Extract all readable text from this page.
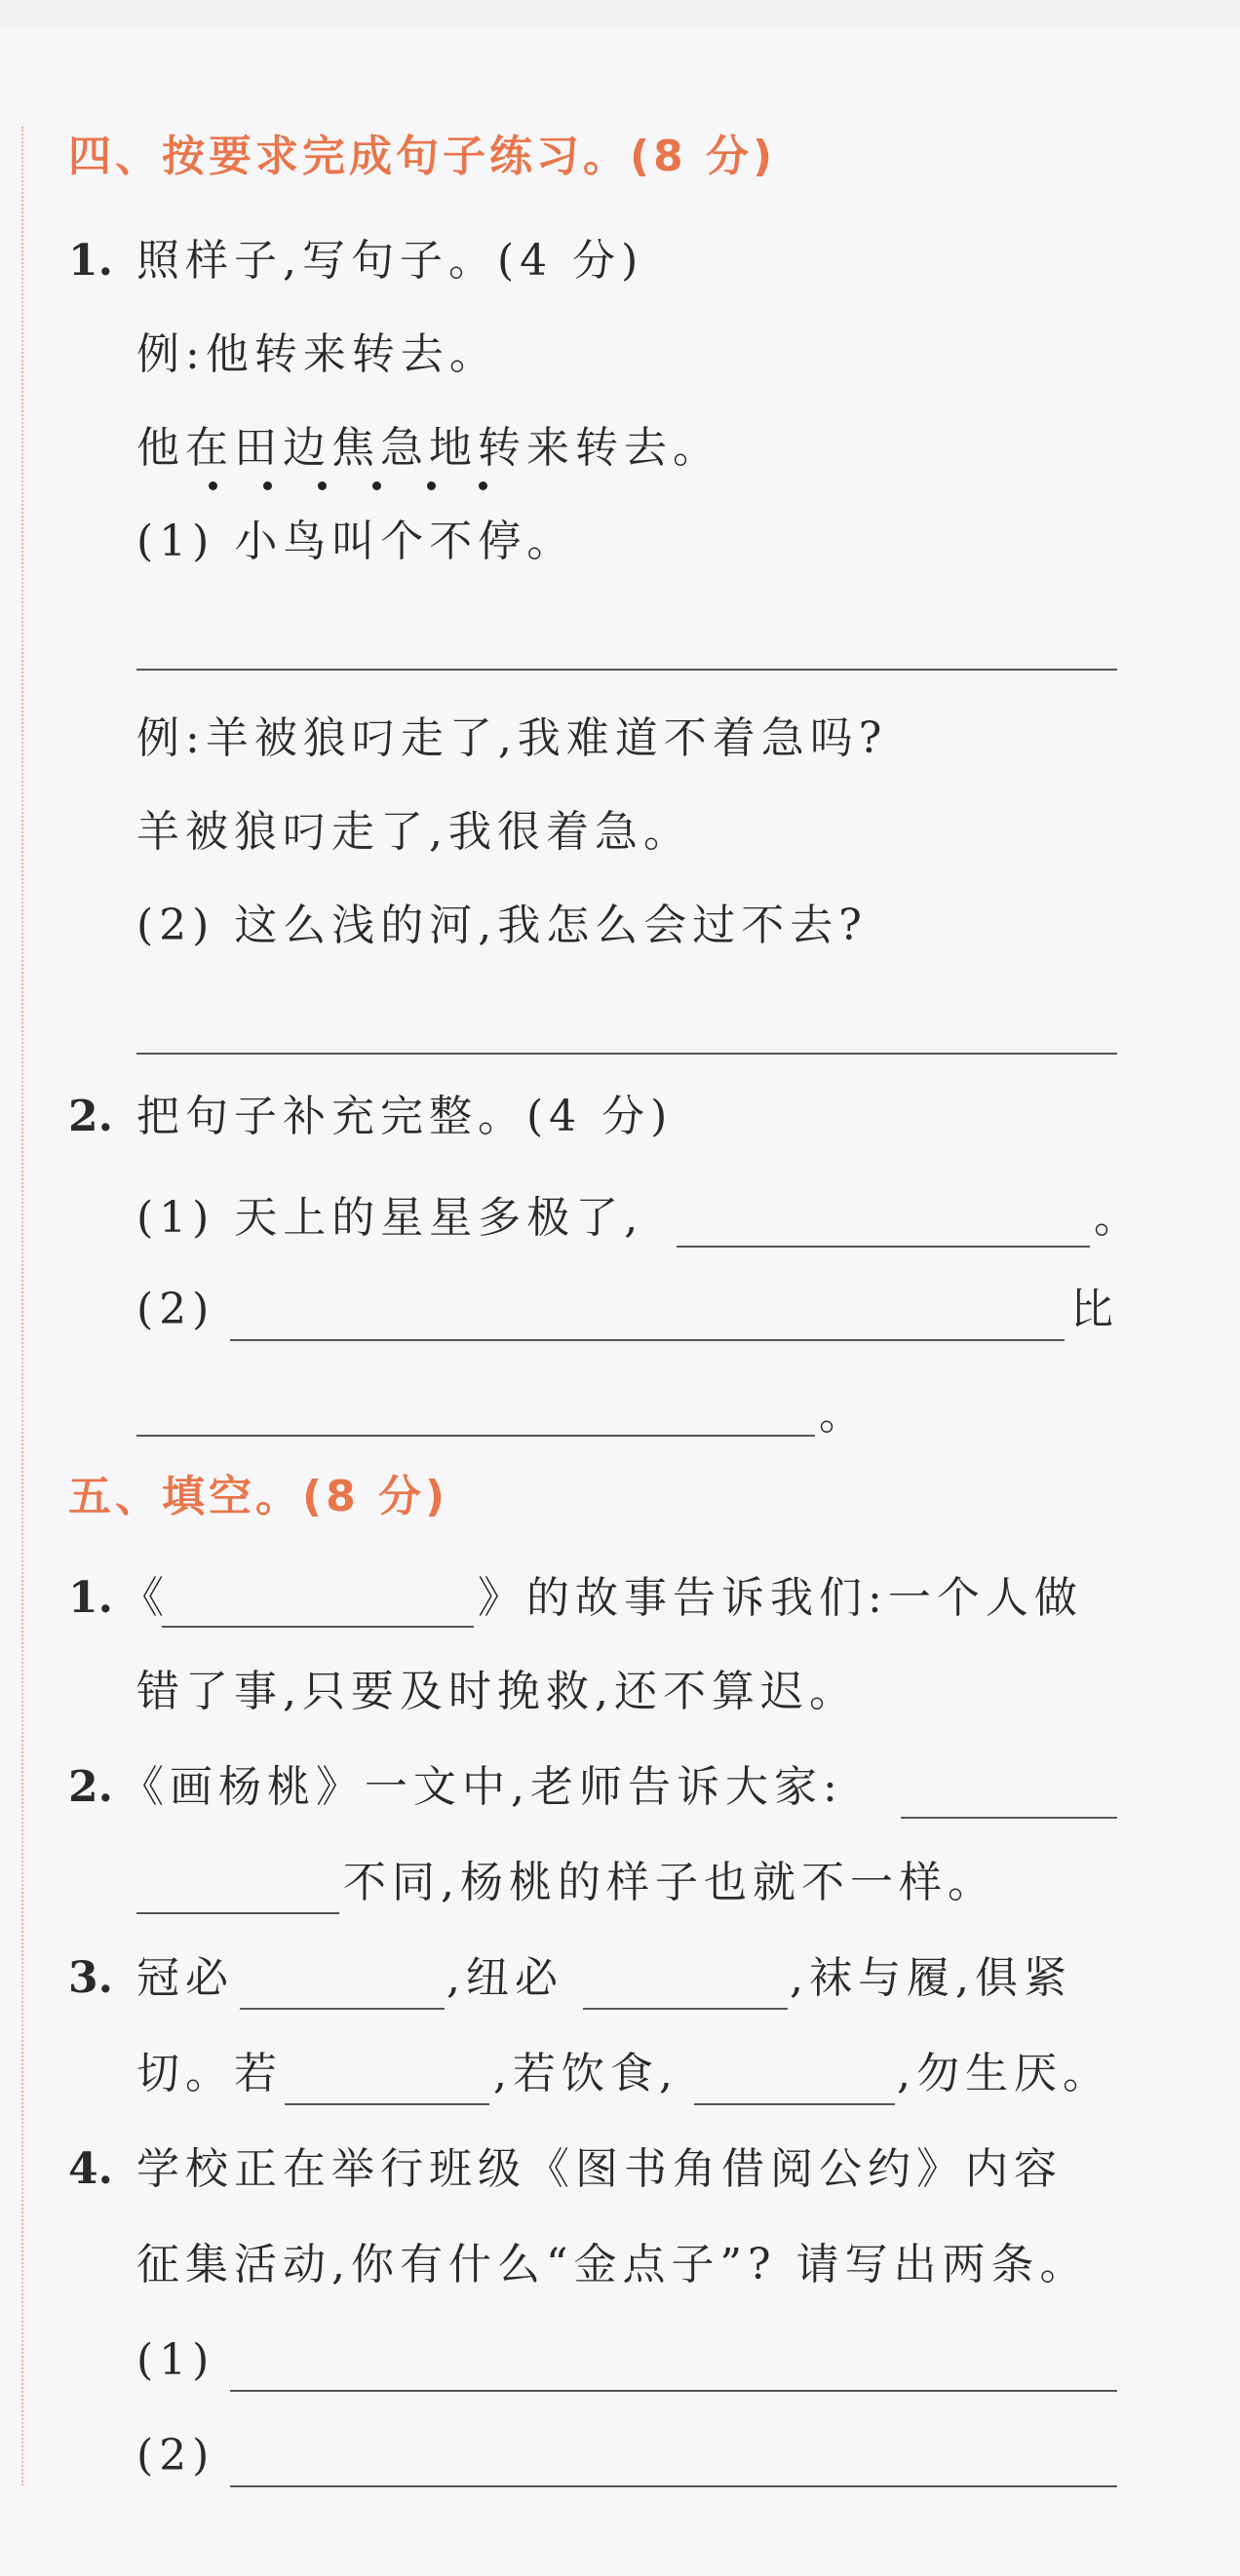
四、按要求完成句子练习。(8 分)
1. 照样子,写句子。(4 分)
例:他转来转去。
他在田边焦急地转来转去。
(1) 小鸟叫个不停。
例:羊被狼叼走了,我难道不着急吗?
羊被狼叼走了,我很着急。
(2) 这么浅的河,我怎么会过不去?
2. 把句子补充完整。(4 分)
(1) 天上的星星多极了,	。
(2)	比
。
五、填空。(8 分)
1. 《	》的故事告诉我们:一个人做
错了事,只要及时挽救,还不算迟。
2. 《画杨桃》一文中,老师告诉大家:
不同,杨桃的样子也就不一样。
3. 冠必	,纽必	,袜与履,俱紧
切。若	,若饮食,	,勿生厌。
4. 学校正在举行班级《图书角借阅公约》内容
征集活动,你有什么“金点子”? 请写出两条。
(1)
(2)
